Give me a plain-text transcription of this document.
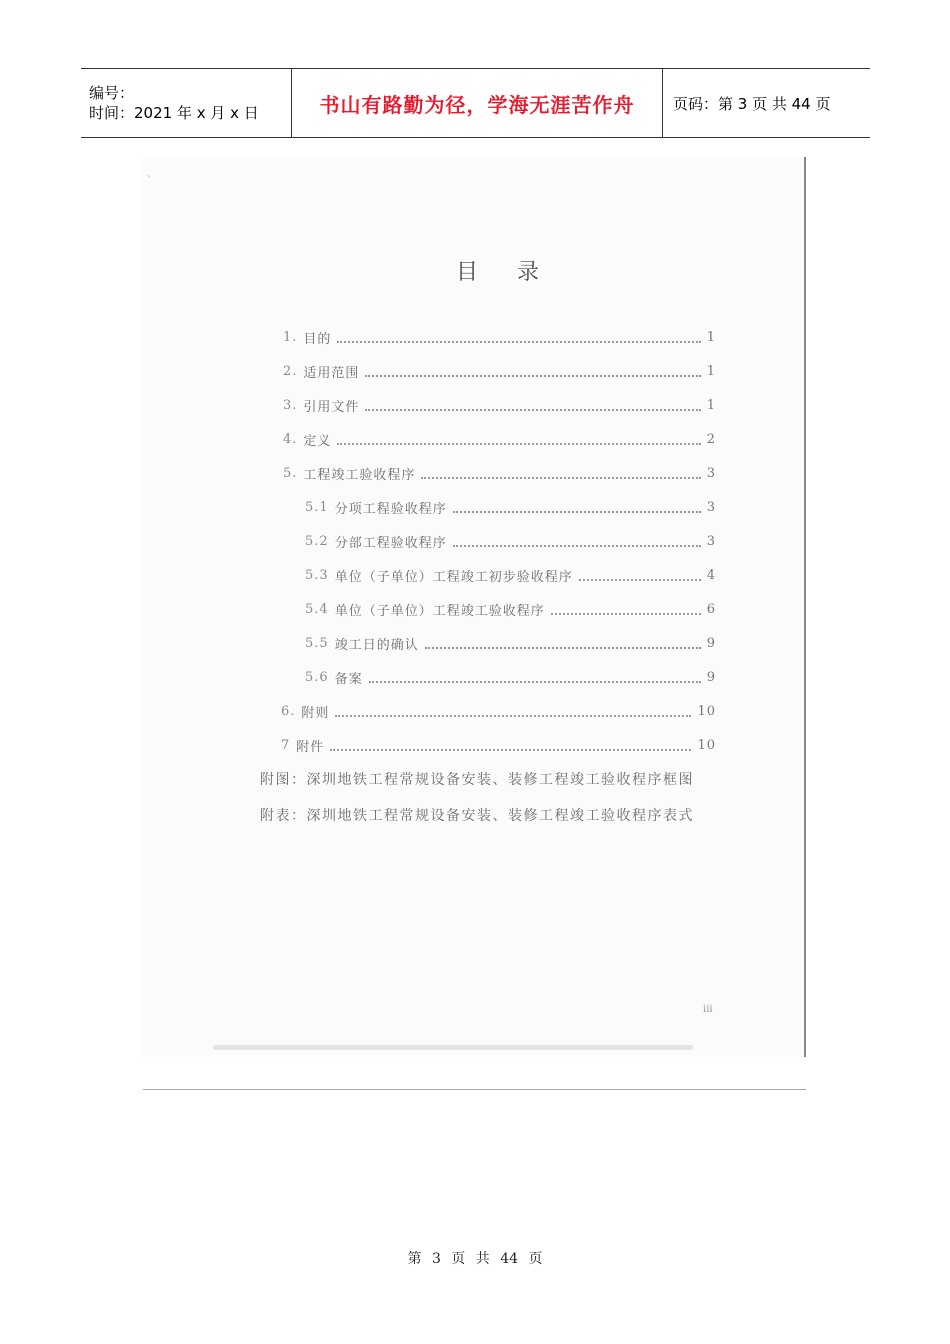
编号：
时间：2021 年 x 月 x 日	书山有路勤为径，学海无涯苦作舟	页码：第 3 页 共 44 页
、
目 录
1. 目的	1
2. 适用范围	1
3. 引用文件	1
4. 定义	2
5. 工程竣工验收程序	3
5.1 分项工程验收程序	3
5.2 分部工程验收程序	3
5.3 单位（子单位）工程竣工初步验收程序	4
5.4 单位（子单位）工程竣工验收程序	6
5.5 竣工日的确认	9
5.6 备案	9
6. 附则	10
7 附件	10
附图：深圳地铁工程常规设备安装、装修工程竣工验收程序框图
附表：深圳地铁工程常规设备安装、装修工程竣工验收程序表式
iii
第 3 页 共 44 页
